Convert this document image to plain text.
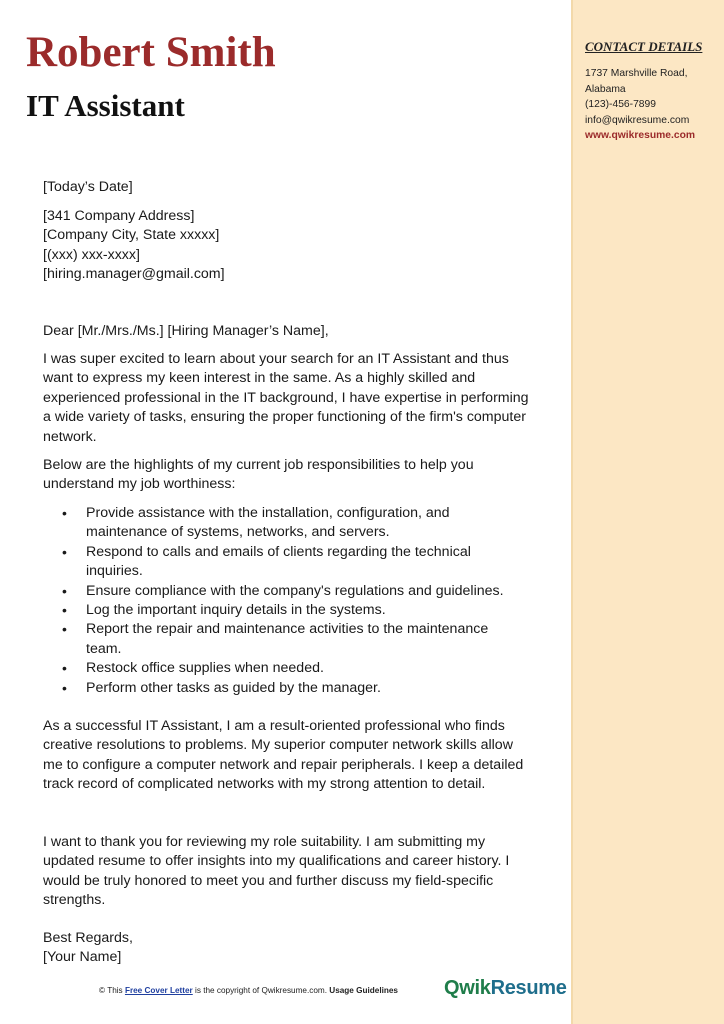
CONTACT DETAILS
1737 Marshville Road,
Alabama
(123)-456-7899
info@qwikresume.com
www.qwikresume.com
Robert Smith
IT Assistant
[Today’s Date]
[341 Company Address]
[Company City, State xxxxx]
[(xxx) xxx-xxxx]
[hiring.manager@gmail.com]
Dear [Mr./Mrs./Ms.] [Hiring Manager’s Name],

I was super excited to learn about your search for an IT Assistant and thus want to express my keen interest in the same. As a highly skilled and experienced professional in the IT background, I have expertise in performing a wide variety of tasks, ensuring the proper functioning of the firm's computer network.

Below are the highlights of my current job responsibilities to help you understand my job worthiness:

• Provide assistance with the installation, configuration, and maintenance of systems, networks, and servers.
• Respond to calls and emails of clients regarding the technical inquiries.
• Ensure compliance with the company's regulations and guidelines.
• Log the important inquiry details in the systems.
• Report the repair and maintenance activities to the maintenance team.
• Restock office supplies when needed.
• Perform other tasks as guided by the manager.

As a successful IT Assistant, I am a result-oriented professional who finds creative resolutions to problems. My superior computer network skills allow me to configure a computer network and repair peripherals. I keep a detailed track record of complicated networks with my strong attention to detail.

I want to thank you for reviewing my role suitability. I am submitting my updated resume to offer insights into my qualifications and career history. I would be truly honored to meet you and further discuss my field-specific strengths.

Best Regards,
[Your Name]
© This Free Cover Letter is the copyright of Qwikresume.com. Usage Guidelines QwikResume
